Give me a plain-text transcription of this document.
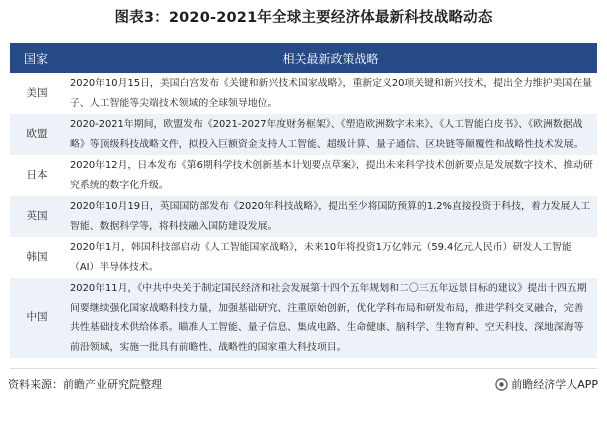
图表3：2020-2021年全球主要经济体最新科技战略动态
国家	相关最新政策战略
美国	2020年10月15日，美国白宫发布《关键和新兴技术国家战略》，重新定义20项关键和新兴技术，提出全力维护美国在量子、人工智能等尖端技术领域的全球领导地位。
欧盟	2020-2021年期间，欧盟发布《2021-2027年度财务框架》、《塑造欧洲数字未来》、《人工智能白皮书》、《欧洲数据战略》等顶级科技战略文件，拟投入巨额资金支持人工智能、超级计算、量子通信、区块链等颠覆性和战略性技术发展。
日本	2020年12月，日本发布《第6期科学技术创新基本计划要点草案》，提出未来科学技术创新要点是发展数字技术、推动研究系统的数字化升级。
英国	2020年10月19日，英国国防部发布《2020年科技战略》，提出至少将国防预算的1.2%直接投资于科技，着力发展人工智能、数据科学等，将科技融入国防建设发展。
韩国	2020年1月，韩国科技部启动《人工智能国家战略》，未来10年将投资1万亿韩元（59.4亿元人民币）研发人工智能（AI）半导体技术。
中国	2020年11月，《中共中央关于制定国民经济和社会发展第十四个五年规划和二〇三五年远景目标的建议》提出十四五期间要继续强化国家战略科技力量，加强基础研究、注重原始创新，优化学科布局和研发布局，推进学科交叉融合，完善共性基础技术供给体系。瞄准人工智能、量子信息、集成电路、生命健康、脑科学、生物育种、空天科技、深地深海等前沿领域，实施一批具有前瞻性、战略性的国家重大科技项目。
资料来源：前瞻产业研究院整理	前瞻经济学人APP
